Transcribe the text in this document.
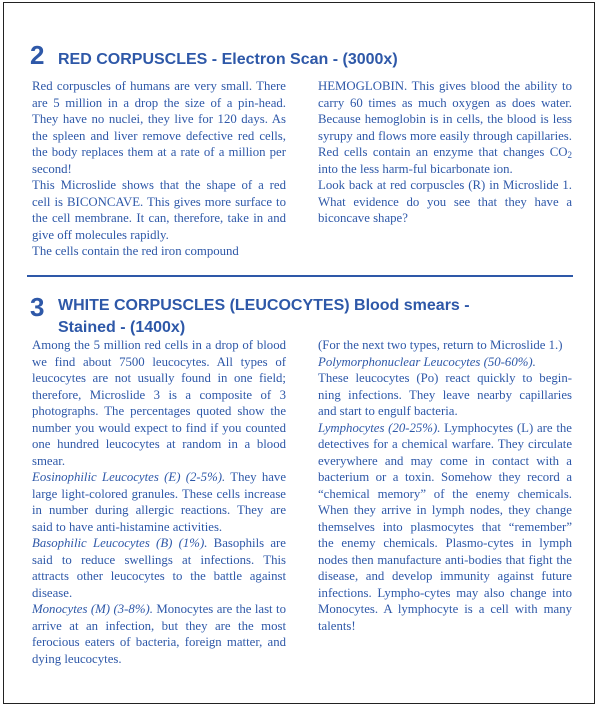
2 RED CORPUSCLES - Electron Scan - (3000x)

Red corpuscles of humans are very small. There are 5 million in a drop the size of a pin-head. They have no nuclei, they live for 120 days. As the spleen and liver remove defective red cells, the body replaces them at a rate of a million per second!

This Microslide shows that the shape of a red cell is BICONCAVE. This gives more surface to the cell membrane. It can, therefore, take in and give off molecules rapidly.

The cells contain the red iron compound

HEMOGLOBIN. This gives blood the ability to carry 60 times as much oxygen as does water. Because hemoglobin is in cells, the blood is less syrupy and flows more easily through capillaries. Red cells contain an enzyme that changes $CO_2$ into the less harm-ful bicarbonate ion.

Look back at red corpuscles (R) in Microslide 1. What evidence do you see that they have a biconcave shape?

3 WHITE CORPUSCLES (LEUCOCYTES) Blood smears -
Stained - (1400x)

Among the 5 million red cells in a drop of blood we find about 7500 leucocytes. All types of leucocytes are not usually found in one field; therefore, Microslide 3 is a composite of 3 photographs. The percentages quoted show the number you would expect to find if you counted one hundred leucocytes at random in a blood smear.

Eosinophilic Leucocytes (E) (2-5%). They have large light-colored granules. These cells increase in number during allergic reactions. They are said to have anti-histamine activities.

Basophilic Leucocytes (B) (1%). Basophils are said to reduce swellings at infections. This attracts other leucocytes to the battle against disease.

Monocytes (M) (3-8%). Monocytes are the last to arrive at an infection, but they are the most ferocious eaters of bacteria, foreign matter, and dying leucocytes.

(For the next two types, return to Microslide 1.)

Polymorphonuclear Leucocytes (50-60%).

These leucocytes (Po) react quickly to begin-ning infections. They leave nearby capillaries and start to engulf bacteria.

Lymphocytes (20-25%). Lymphocytes (L) are the detectives for a chemical warfare. They circulate everywhere and may come in contact with a bacterium or a toxin. Somehow they record a “chemical memory” of the enemy chemicals. When they arrive in lymph nodes, they change themselves into plasmocytes that “remember” the enemy chemicals. Plasmo-cytes in lymph nodes then manufacture anti-bodies that fight the disease, and develop immunity against future infections. Lympho-cytes may also change into Monocytes. A lymphocyte is a cell with many talents!
